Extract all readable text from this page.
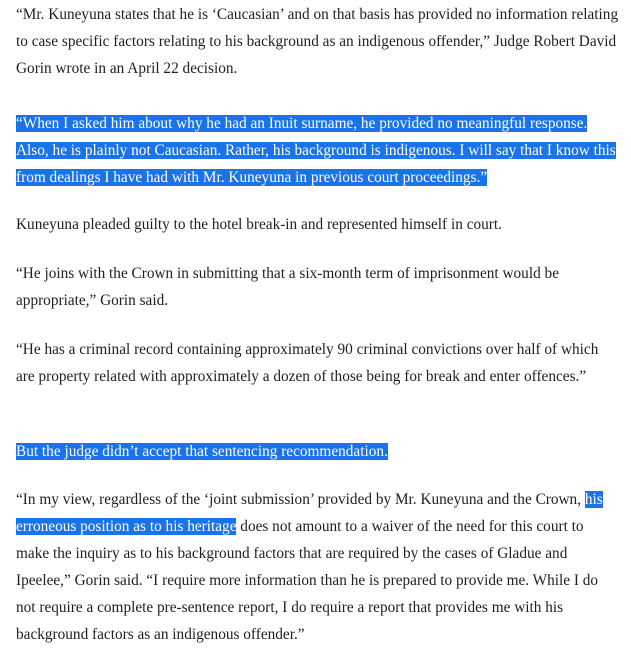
“Mr. Kuneyuna states that he is ‘Caucasian’ and on that basis has provided no information relating to case specific factors relating to his background as an indigenous offender,” Judge Robert David Gorin wrote in an April 22 decision.

“When I asked him about why he had an Inuit surname, he provided no meaningful response. Also, he is plainly not Caucasian. Rather, his background is indigenous. I will say that I know this from dealings I have had with Mr. Kuneyuna in previous court proceedings.”

Kuneyuna pleaded guilty to the hotel break-in and represented himself in court.

“He joins with the Crown in submitting that a six-month term of imprisonment would be appropriate,” Gorin said.

“He has a criminal record containing approximately 90 criminal convictions over half of which are property related with approximately a dozen of those being for break and enter offences.”

But the judge didn’t accept that sentencing recommendation.

“In my view, regardless of the ‘joint submission’ provided by Mr. Kuneyuna and the Crown, his erroneous position as to his heritage does not amount to a waiver of the need for this court to make the inquiry as to his background factors that are required by the cases of Gladue and Ipeelee,” Gorin said. “I require more information than he is prepared to provide me. While I do not require a complete pre-sentence report, I do require a report that provides me with his background factors as an indigenous offender.”
